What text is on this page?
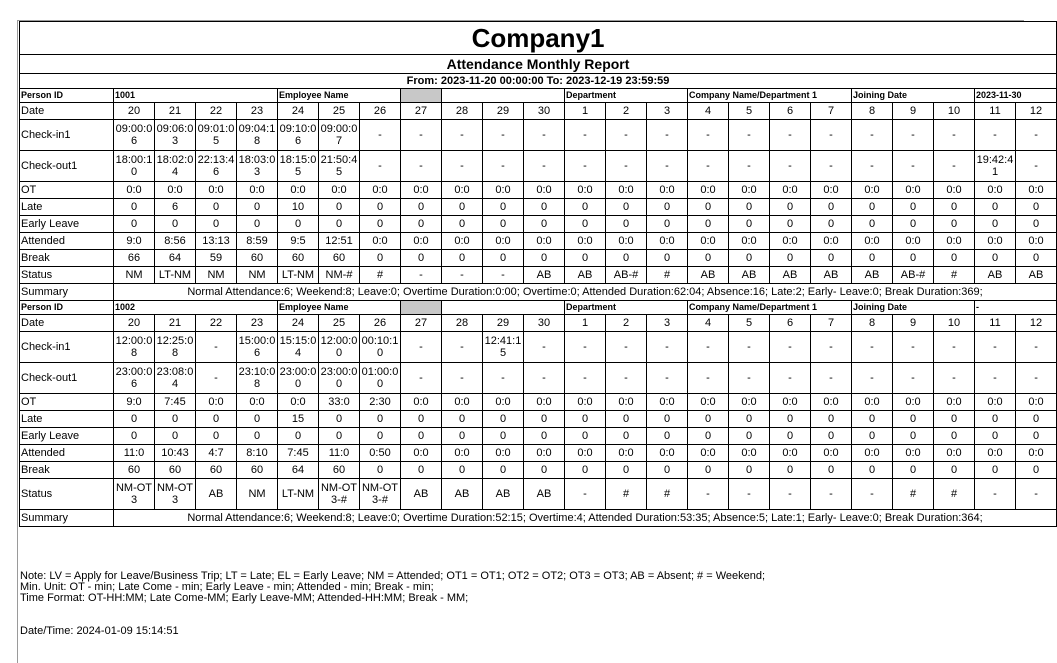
Company1																							
Attendance Monthly Report																							
From: 2023-11-20 00:00:00 To: 2023-12-19 23:59:59																							
Person ID	1001				Employee Name							Department			Company Name/Department 1				Joining Date			2023-11-30	
Date	20	21	22	23	24	25	26	27	28	29	30	1	2	3	4	5	6	7	8	9	10	11	12
Check-in1	09:00:06	09:06:03	09:01:05	09:04:18	09:10:06	09:00:07	-	-	-	-	-	-	-	-	-	-	-	-	-	-	-	-	-
Check-out1	18:00:10	18:02:04	22:13:46	18:03:03	18:15:05	21:50:45	-	-	-	-	-	-	-	-	-	-	-	-	-	-	-	19:42:41	-
OT	0:0	0:0	0:0	0:0	0:0	0:0	0:0	0:0	0:0	0:0	0:0	0:0	0:0	0:0	0:0	0:0	0:0	0:0	0:0	0:0	0:0	0:0	0:0
Late	0	6	0	0	10	0	0	0	0	0	0	0	0	0	0	0	0	0	0	0	0	0	0
Early Leave	0	0	0	0	0	0	0	0	0	0	0	0	0	0	0	0	0	0	0	0	0	0	0
Attended	9:0	8:56	13:13	8:59	9:5	12:51	0:0	0:0	0:0	0:0	0:0	0:0	0:0	0:0	0:0	0:0	0:0	0:0	0:0	0:0	0:0	0:0	0:0
Break	66	64	59	60	60	60	0	0	0	0	0	0	0	0	0	0	0	0	0	0	0	0	0
Status	NM	LT-NM	NM	NM	LT-NM	NM-#	#	-	-	-	AB	AB	AB-#	#	AB	AB	AB	AB	AB	AB-#	#	AB	AB
Summary	Normal Attendance:6; Weekend:8; Leave:0; Overtime Duration:0:00; Overtime:0; Attended Duration:62:04; Absence:16; Late:2; Early- Leave:0; Break Duration:369;																						
Person ID	1002				Employee Name							Department			Company Name/Department 1				Joining Date			-	
Date	20	21	22	23	24	25	26	27	28	29	30	1	2	3	4	5	6	7	8	9	10	11	12
Check-in1	12:00:08	12:25:08	-	15:00:06	15:15:04	12:00:00	00:10:10	-	-	12:41:15	-	-	-	-	-	-	-	-	-	-	-	-	-
Check-out1	23:00:06	23:08:04	-	23:10:08	23:00:00	23:00:00	01:00:00	-	-	-	-	-	-	-	-	-	-	-	-	-	-	-	-
OT	9:0	7:45	0:0	0:0	0:0	33:0	2:30	0:0	0:0	0:0	0:0	0:0	0:0	0:0	0:0	0:0	0:0	0:0	0:0	0:0	0:0	0:0	0:0
Late	0	0	0	0	15	0	0	0	0	0	0	0	0	0	0	0	0	0	0	0	0	0	0
Early Leave	0	0	0	0	0	0	0	0	0	0	0	0	0	0	0	0	0	0	0	0	0	0	0
Attended	11:0	10:43	4:7	8:10	7:45	11:0	0:50	0:0	0:0	0:0	0:0	0:0	0:0	0:0	0:0	0:0	0:0	0:0	0:0	0:0	0:0	0:0	0:0
Break	60	60	60	60	64	60	0	0	0	0	0	0	0	0	0	0	0	0	0	0	0	0	0
Status	NM-OT3	NM-OT3	AB	NM	LT-NM	NM-OT3-#	NM-OT3-#	AB	AB	AB	AB	-	#	#	-	-	-	-	-	#	#	-	-
Summary	Normal Attendance:6; Weekend:8; Leave:0; Overtime Duration:52:15; Overtime:4; Attended Duration:53:35; Absence:5; Late:1; Early- Leave:0; Break Duration:364;																						
Note: LV = Apply for Leave/Business Trip; LT = Late; EL = Early Leave; NM = Attended; OT1 = OT1; OT2 = OT2; OT3 = OT3; AB = Absent; # = Weekend;
Min. Unit: OT - min; Late Come - min; Early Leave - min; Attended - min; Break - min;
Time Format: OT-HH:MM; Late Come-MM; Early Leave-MM; Attended-HH:MM; Break - MM;
Date/Time: 2024-01-09 15:14:51
